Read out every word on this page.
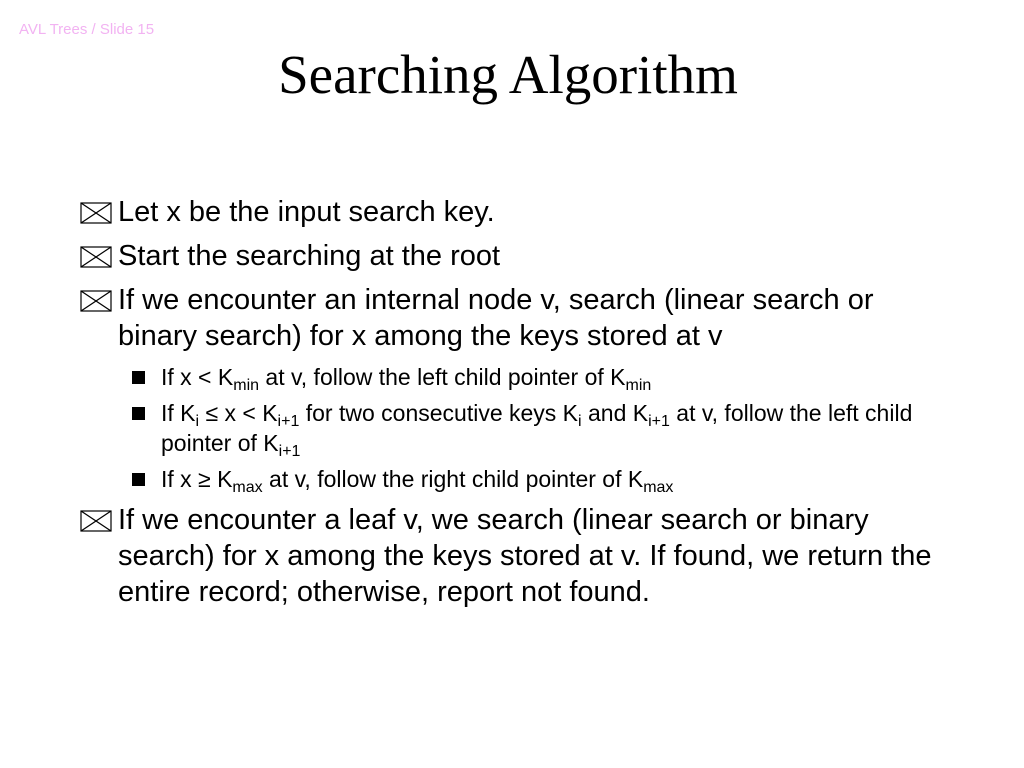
AVL Trees / Slide 15
Searching Algorithm
Let x be the input search key.
Start the searching at the root
If we encounter an internal node v, search (linear search or binary search) for x among the keys stored at v
If $x < K_{min}$ at v, follow the left child pointer of $K_{min}$
If $K_i \le x < K_{i+1}$ for two consecutive keys $K_i$ and $K_{i+1}$ at v, follow the left child pointer of $K_{i+1}$
If $x \ge K_{max}$ at v, follow the right child pointer of $K_{max}$
If we encounter a leaf v, we search (linear search or binary search) for x among the keys stored at v. If found, we return the entire record; otherwise, report not found.
